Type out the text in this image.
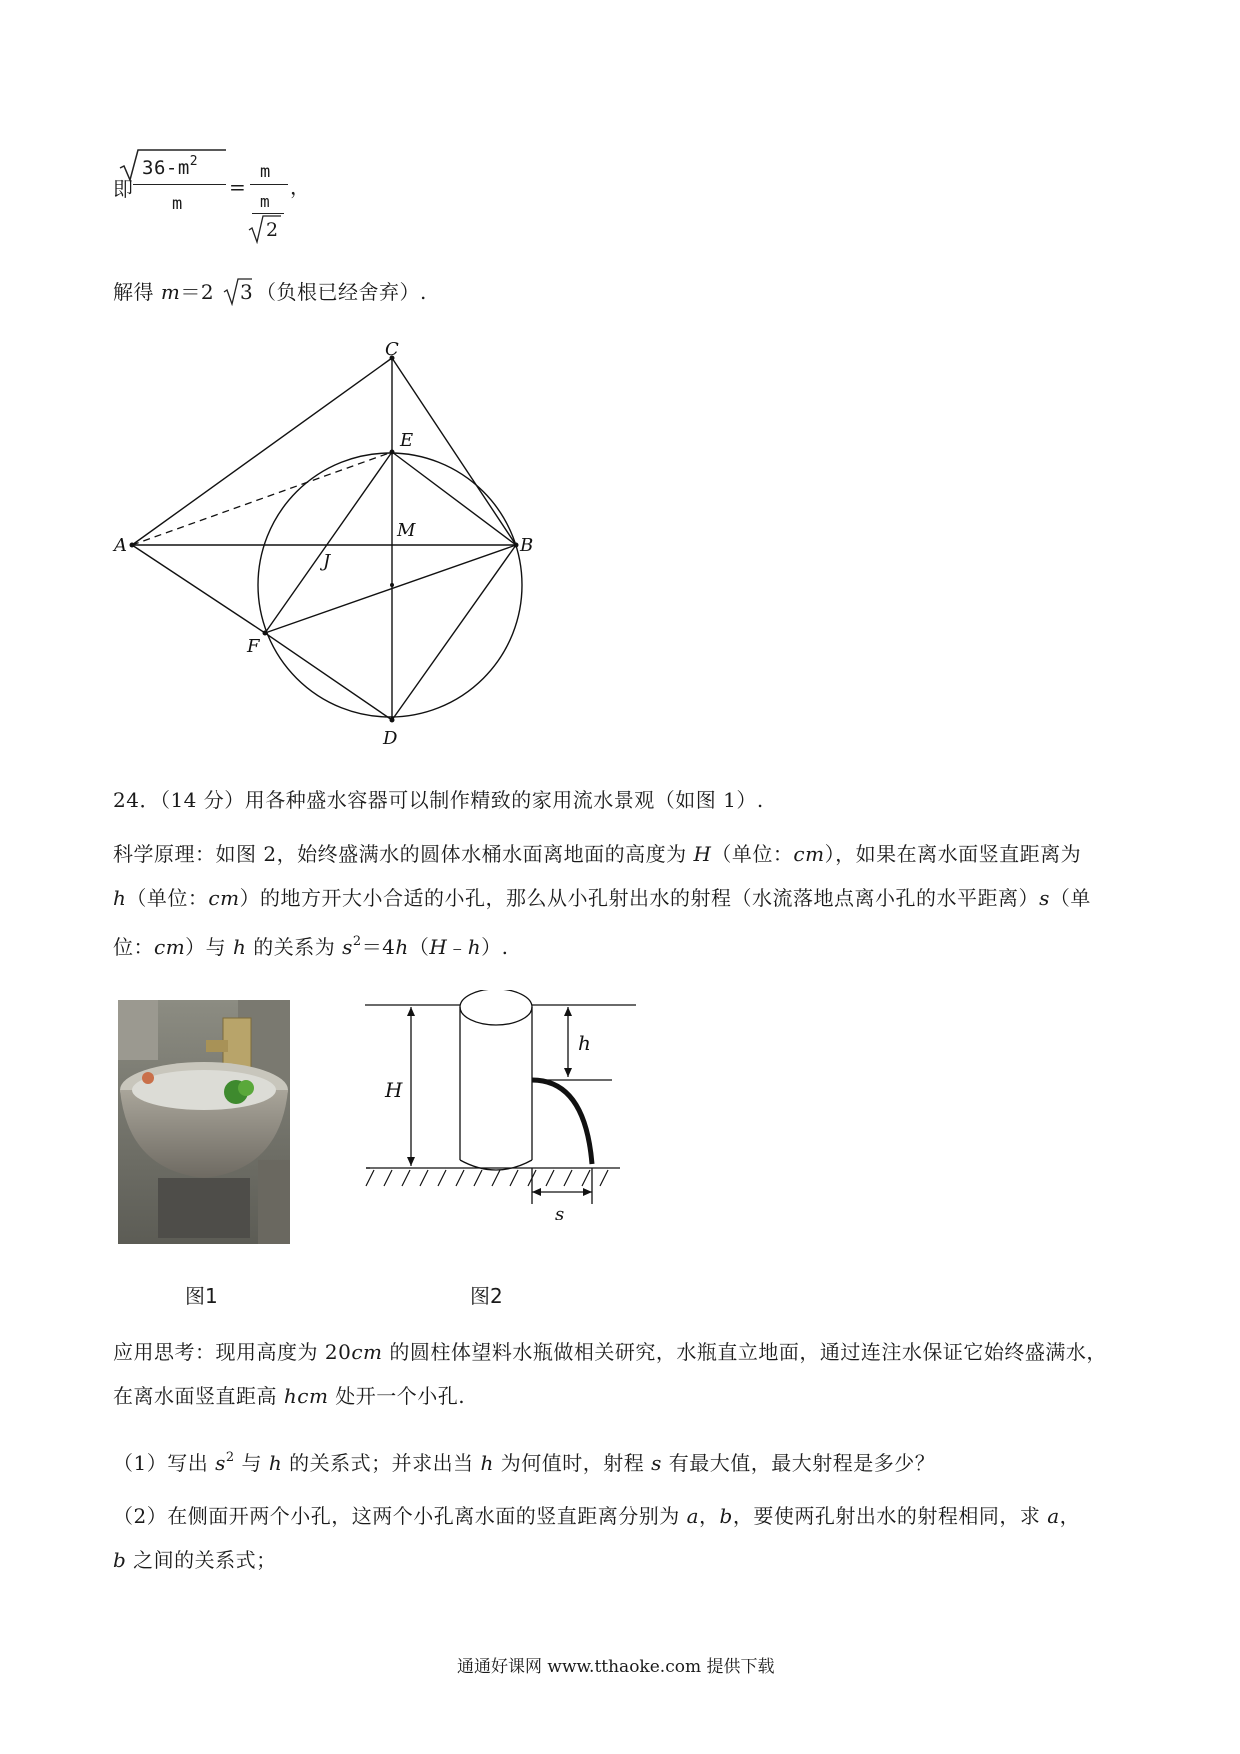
即
$36-m^2$
m
=
m
m
2
，
解得 m＝2 3 （负根已经舍弃）.
C
E
A
M
J
B
F
D
24．（14 分）用各种盛水容器可以制作精致的家用流水景观（如图 1）.
科学原理：如图 2，始终盛满水的圆体水桶水面离地面的高度为 H（单位：cm），如果在离水面竖直距离为
h（单位：cm）的地方开大小合适的小孔，那么从小孔射出水的射程（水流落地点离小孔的水平距离）s（单
位：cm）与 h 的关系为 $s^2=4h(H﹣h)$.
H
h
s
图1	图2
应用思考：现用高度为 20cm 的圆柱体望料水瓶做相关研究，水瓶直立地面，通过连注水保证它始终盛满水，
在离水面竖直距高 hcm 处开一个小孔.
（1）写出 $s^2$ 与 h 的关系式；并求出当 h 为何值时，射程 s 有最大值，最大射程是多少？
（2）在侧面开两个小孔，这两个小孔离水面的竖直距离分别为 a，b，要使两孔射出水的射程相同，求 a，
b 之间的关系式；
通通好课网 www.tthaoke.com 提供下载
